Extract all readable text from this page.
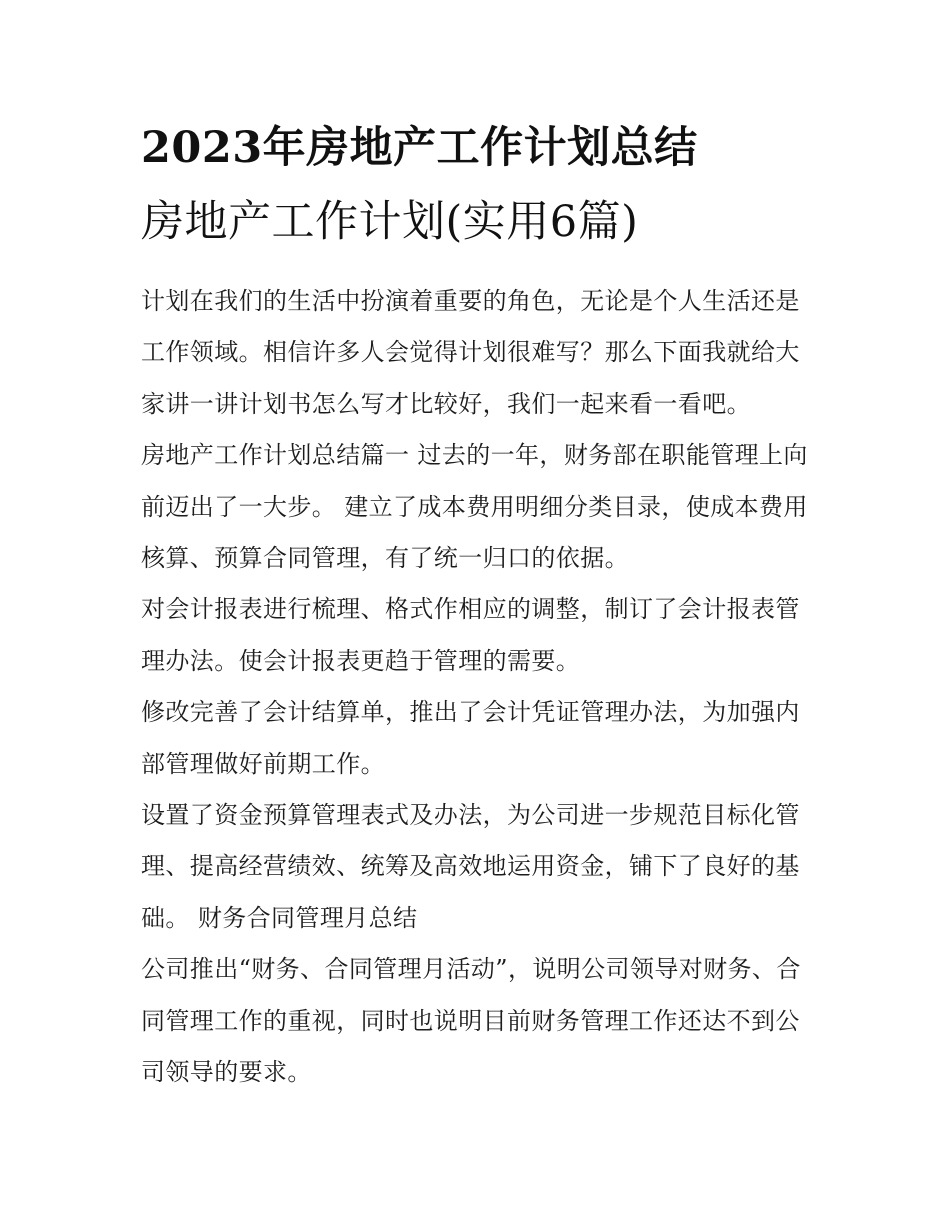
2023年房地产工作计划总结
房地产工作计划(实用6篇)

计划在我们的生活中扮演着重要的角色，无论是个人生活还是工作领域。相信许多人会觉得计划很难写？那么下面我就给大家讲一讲计划书怎么写才比较好，我们一起来看一看吧。

房地产工作计划总结篇一 过去的一年，财务部在职能管理上向前迈出了一大步。 建立了成本费用明细分类目录，使成本费用核算、预算合同管理，有了统一归口的依据。

对会计报表进行梳理、格式作相应的调整，制订了会计报表管理办法。使会计报表更趋于管理的需要。

修改完善了会计结算单，推出了会计凭证管理办法，为加强内部管理做好前期工作。

设置了资金预算管理表式及办法，为公司进一步规范目标化管理、提高经营绩效、统筹及高效地运用资金，铺下了良好的基础。 财务合同管理月总结

公司推出“财务、合同管理月活动”，说明公司领导对财务、合同管理工作的重视，同时也说明目前财务管理工作还达不到公司领导的要求。
